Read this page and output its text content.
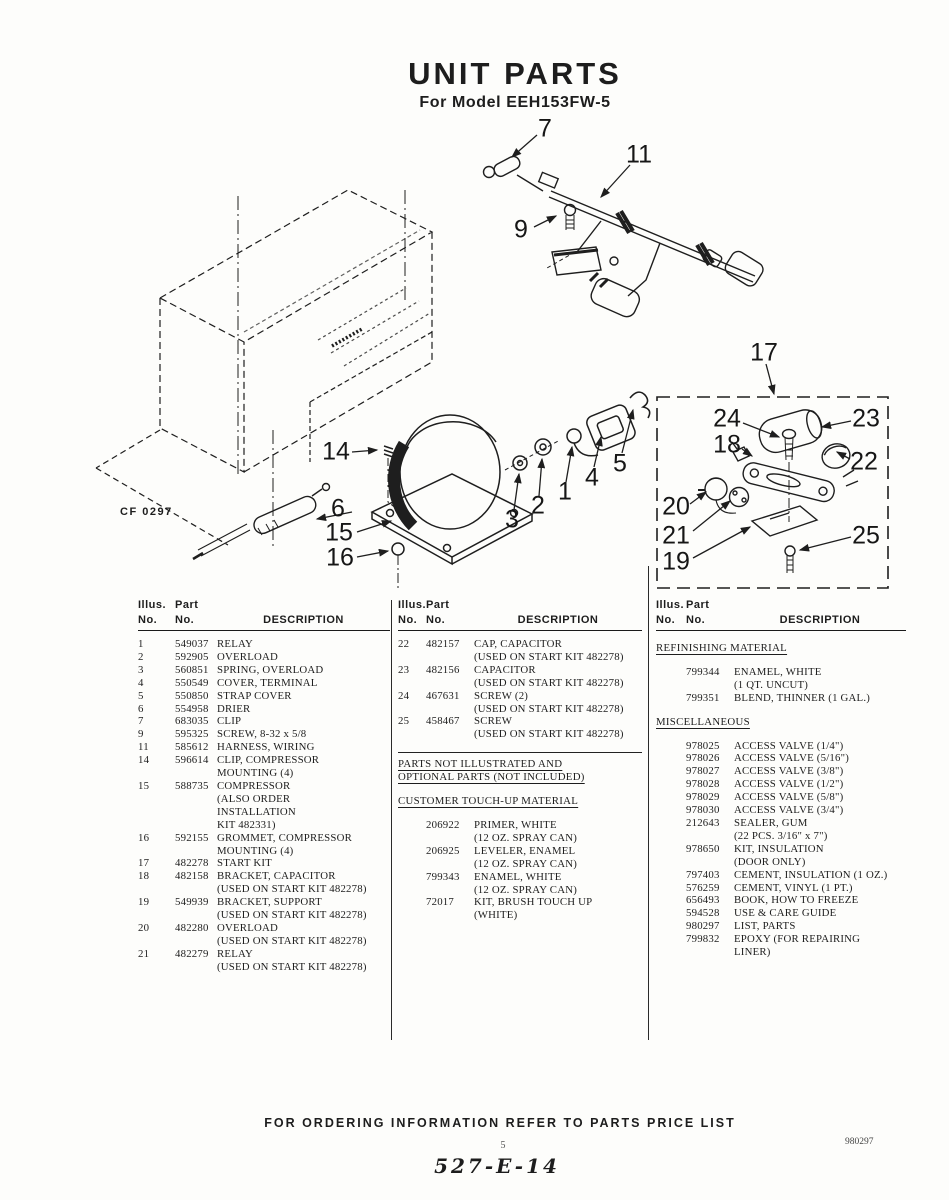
UNIT PARTS
For Model EEH153FW-5
7
11
9
14
6
15
16
3 2 1 4 5
17
24
18
23
22
20
21
19
25
CF 0297
Illus. Part
No.	No.	DESCRIPTION
1	549037 RELAY
2	592905 OVERLOAD
3	560851 SPRING, OVERLOAD
4	550549 COVER, TERMINAL
5	550850 STRAP COVER
6	554958 DRIER
7	683035 CLIP
9	595325 SCREW, 8-32 x 5/8
11	585612 HARNESS, WIRING
14	596614 CLIP, COMPRESSOR
MOUNTING (4)
15	588735 COMPRESSOR
(ALSO ORDER
INSTALLATION
KIT 482331)
16	592155 GROMMET, COMPRESSOR
MOUNTING (4)
17	482278 START KIT
18	482158 BRACKET, CAPACITOR
(USED ON START KIT 482278)
19	549939 BRACKET, SUPPORT
(USED ON START KIT 482278)
20	482280 OVERLOAD
(USED ON START KIT 482278)
21	482279 RELAY
(USED ON START KIT 482278)
Illus. Part
No. No.	DESCRIPTION
22	482157	CAP, CAPACITOR
(USED ON START KIT 482278)
23	482156	CAPACITOR
(USED ON START KIT 482278)
24	467631	SCREW (2)
(USED ON START KIT 482278)
25	458467	SCREW
(USED ON START KIT 482278)
PARTS NOT ILLUSTRATED AND
OPTIONAL PARTS (NOT INCLUDED)
CUSTOMER TOUCH-UP MATERIAL
206922	PRIMER, WHITE
(12 OZ. SPRAY CAN)
206925	LEVELER, ENAMEL
(12 OZ. SPRAY CAN)
799343	ENAMEL, WHITE
(12 OZ. SPRAY CAN)
72017	KIT, BRUSH TOUCH UP
(WHITE)
Illus. Part
No. No.	DESCRIPTION
REFINISHING MATERIAL
799344	ENAMEL, WHITE
(1 QT. UNCUT)
799351	BLEND, THINNER (1 GAL.)
MISCELLANEOUS
978025	ACCESS VALVE (1/4")
978026	ACCESS VALVE (5/16")
978027	ACCESS VALVE (3/8")
978028	ACCESS VALVE (1/2")
978029	ACCESS VALVE (5/8")
978030	ACCESS VALVE (3/4")
212643	SEALER, GUM
(22 PCS. 3/16" x 7")
978650	KIT, INSULATION
(DOOR ONLY)
797403	CEMENT, INSULATION (1 OZ.)
576259	CEMENT, VINYL (1 PT.)
656493	BOOK, HOW TO FREEZE
594528	USE & CARE GUIDE
980297	LIST, PARTS
799832	EPOXY (FOR REPAIRING
LINER)
FOR ORDERING INFORMATION REFER TO PARTS PRICE LIST
5
527-E-14
980297
